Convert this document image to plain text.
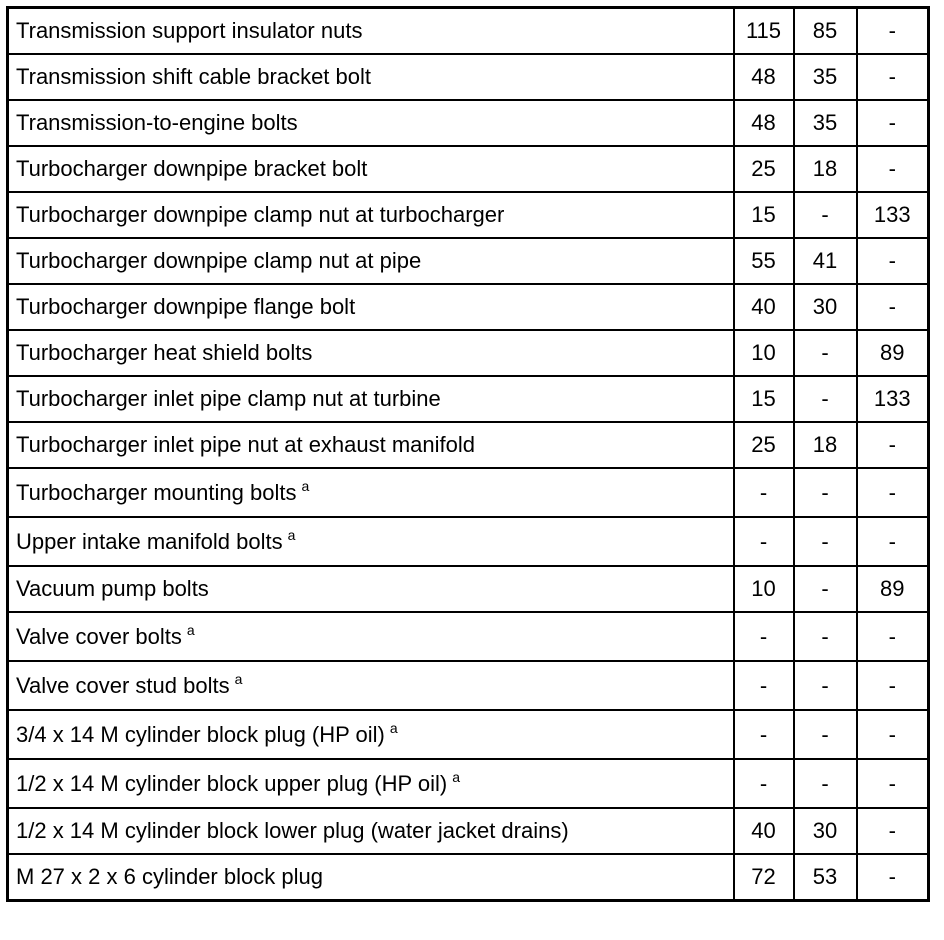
Transmission support insulator nuts	115	85	-
Transmission shift cable bracket bolt	48	35	-
Transmission-to-engine bolts	48	35	-
Turbocharger downpipe bracket bolt	25	18	-
Turbocharger downpipe clamp nut at turbocharger	15	-	133
Turbocharger downpipe clamp nut at pipe	55	41	-
Turbocharger downpipe flange bolt	40	30	-
Turbocharger heat shield bolts	10	-	89
Turbocharger inlet pipe clamp nut at turbine	15	-	133
Turbocharger inlet pipe nut at exhaust manifold	25	18	-
Turbocharger mounting bolts $^a$	-	-	-
Upper intake manifold bolts $^a$	-	-	-
Vacuum pump bolts	10	-	89
Valve cover bolts $^a$	-	-	-
Valve cover stud bolts $^a$	-	-	-
3/4 x 14 M cylinder block plug (HP oil) $^a$	-	-	-
1/2 x 14 M cylinder block upper plug (HP oil) $^a$	-	-	-
1/2 x 14 M cylinder block lower plug (water jacket drains)	40	30	-
M 27 x 2 x 6 cylinder block plug	72	53	-
